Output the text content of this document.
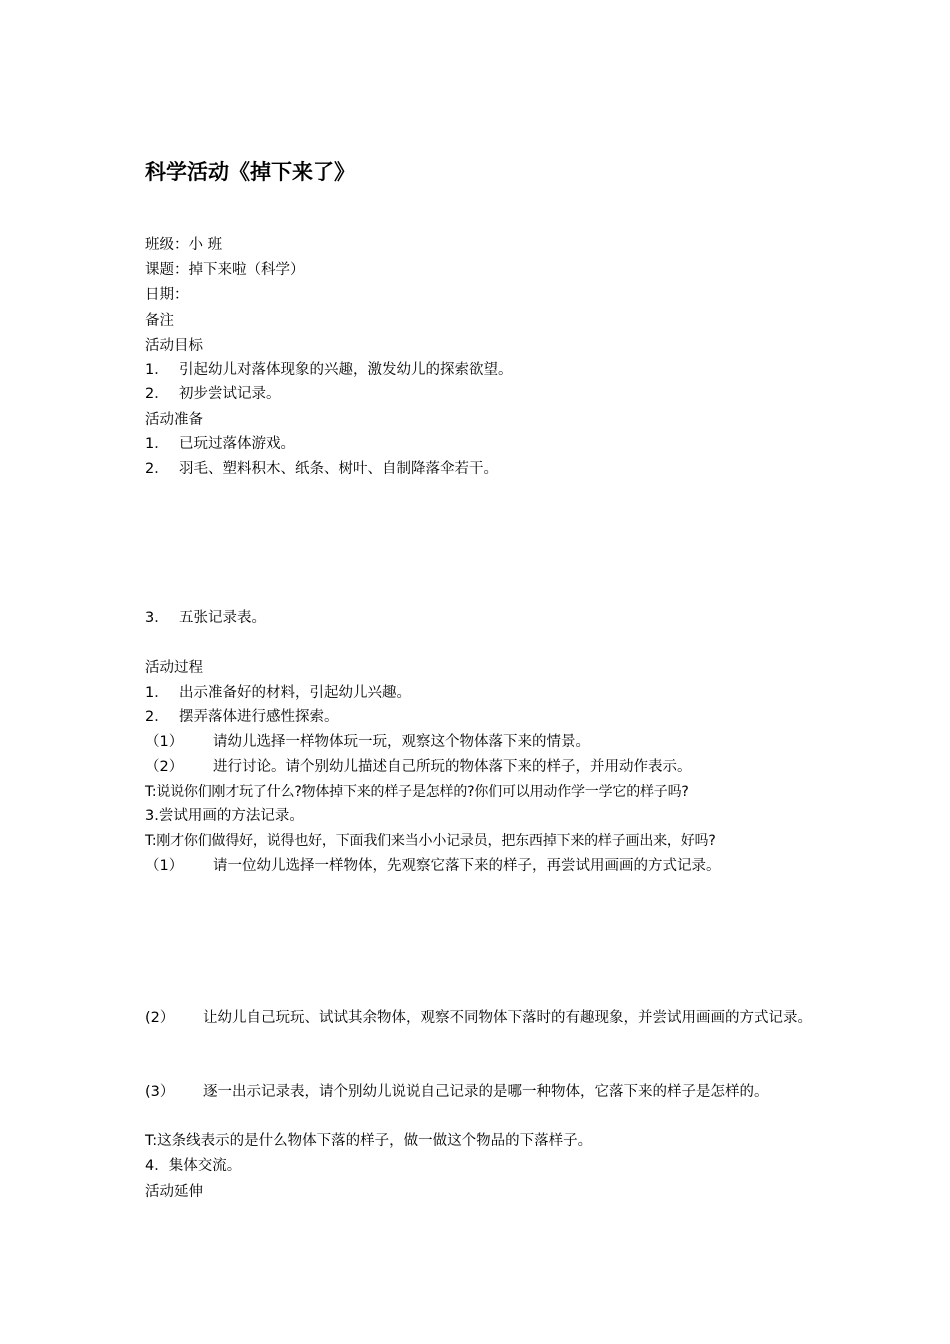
科学活动《掉下来了》
班级：小 班
课题：掉下来啦（科学）
日期：
备注
活动目标
1． 引起幼儿对落体现象的兴趣，激发幼儿的探索欲望。
2． 初步尝试记录。
活动准备
1． 已玩过落体游戏。
2． 羽毛、塑料积木、纸条、树叶、自制降落伞若干。
3． 五张记录表。
活动过程
1． 出示准备好的材料，引起幼儿兴趣。
2． 摆弄落体进行感性探索。
（1） 请幼儿选择一样物体玩一玩，观察这个物体落下来的情景。
（2） 进行讨论。请个别幼儿描述自己所玩的物体落下来的样子，并用动作表示。
T:说说你们刚才玩了什么?物体掉下来的样子是怎样的?你们可以用动作学一学它的样子吗?
3.尝试用画的方法记录。
T:刚才你们做得好，说得也好，下面我们来当小小记录员，把东西掉下来的样子画出来，好吗?
（1） 请一位幼儿选择一样物体，先观察它落下来的样子，再尝试用画画的方式记录。
(2） 让幼儿自己玩玩、试试其余物体，观察不同物体下落时的有趣现象，并尝试用画画的方式记录。
(3） 逐一出示记录表，请个别幼儿说说自己记录的是哪一种物体，它落下来的样子是怎样的。
T:这条线表示的是什么物体下落的样子，做一做这个物品的下落样子。
4．集体交流。
活动延伸
